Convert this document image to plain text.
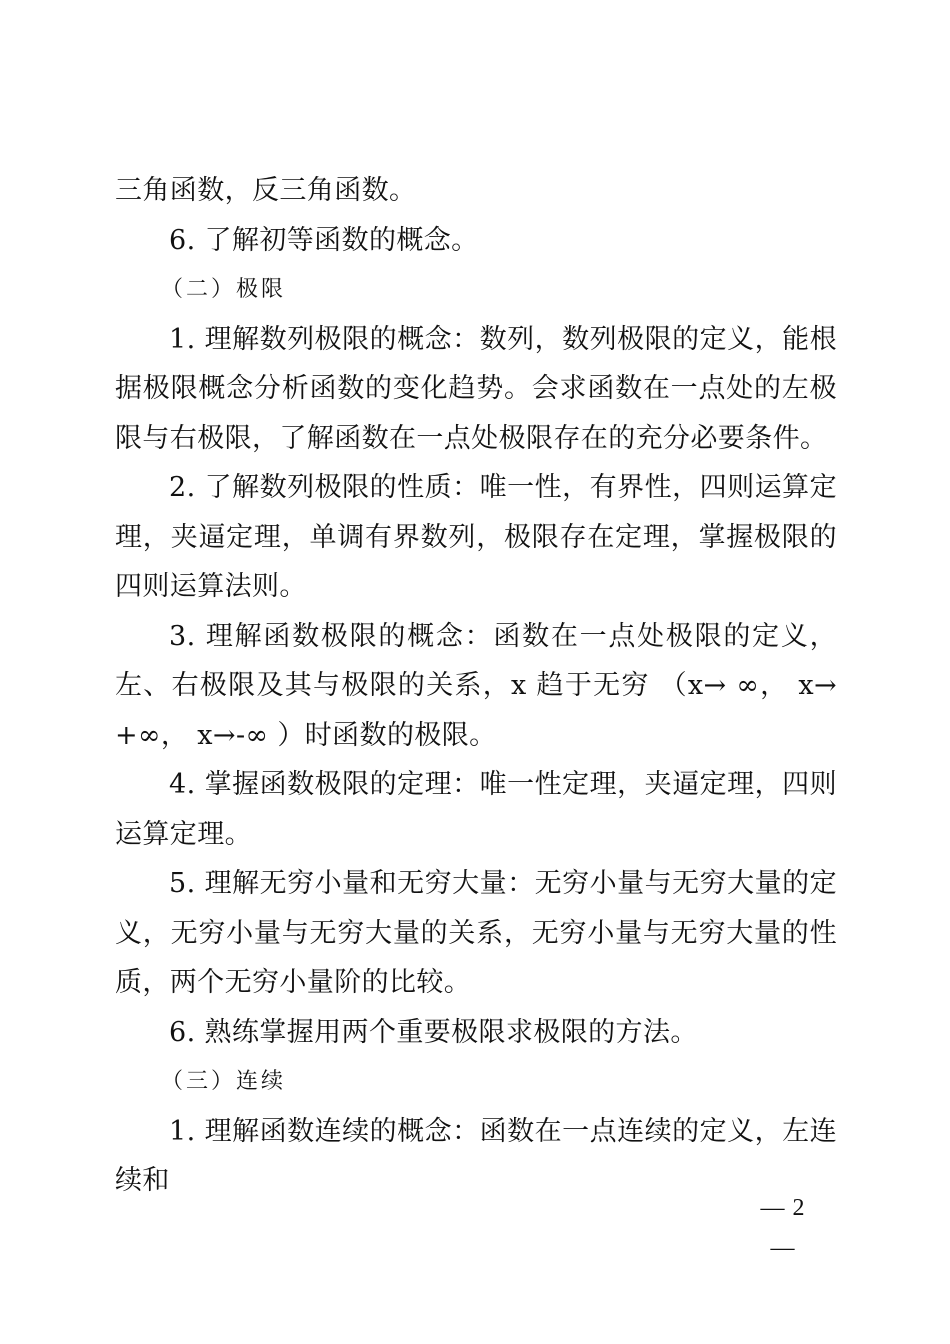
三角函数，反三角函数。

6. 了解初等函数的概念。

（二）极限

1. 理解数列极限的概念：数列，数列极限的定义，能根据极限概念分析函数的变化趋势。会求函数在一点处的左极限与右极限，了解函数在一点处极限存在的充分必要条件。

2. 了解数列极限的性质：唯一性，有界性，四则运算定理，夹逼定理，单调有界数列，极限存在定理，掌握极限的四则运算法则。

3. 理解函数极限的概念：函数在一点处极限的定义，左、右极限及其与极限的关系，x 趋于无穷 （x→ ∞， x→+∞， x→-∞ ）时函数的极限。

4. 掌握函数极限的定理：唯一性定理，夹逼定理，四则运算定理。

5. 理解无穷小量和无穷大量：无穷小量与无穷大量的定义，无穷小量与无穷大量的关系，无穷小量与无穷大量的性质，两个无穷小量阶的比较。

6. 熟练掌握用两个重要极限求极限的方法。

（三）连续

1. 理解函数连续的概念：函数在一点连续的定义，左连续和

— 2 —
